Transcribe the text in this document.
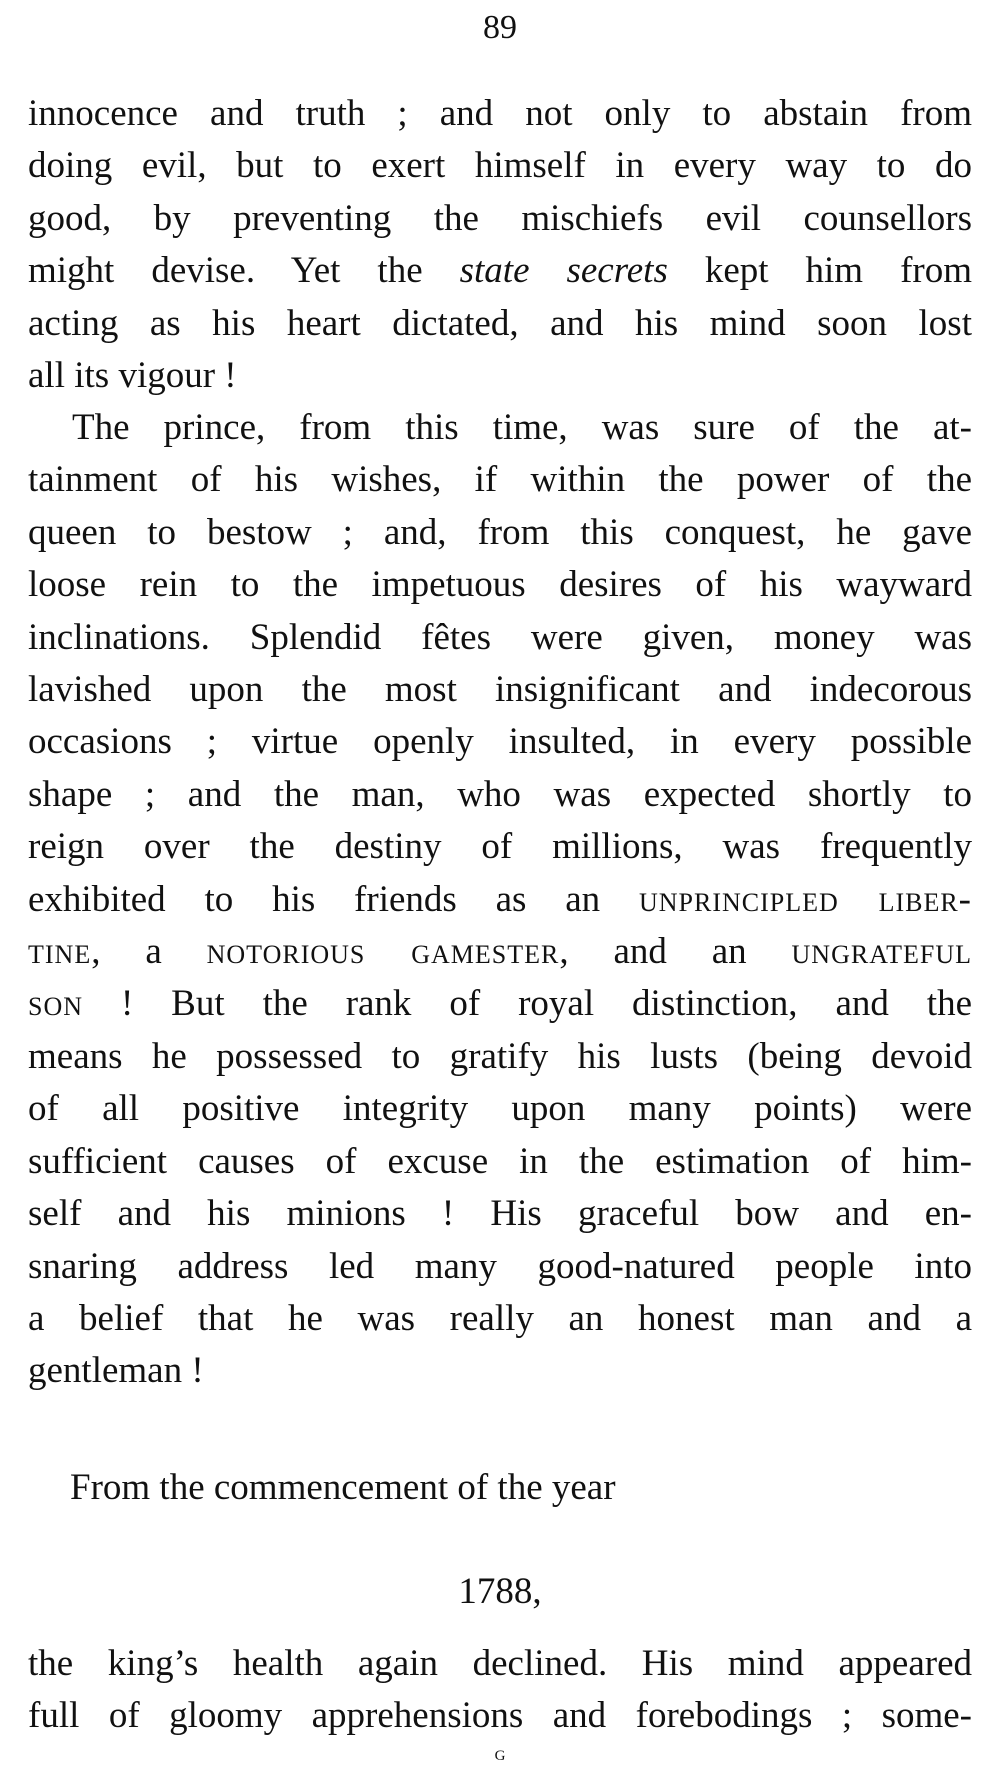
89
innocence and truth ; and not only to abstain from
doing evil, but to exert himself in every way to do
good, by preventing the mischiefs evil counsellors
might devise. Yet the state secrets kept him from
acting as his heart dictated, and his mind soon lost
all its vigour !
The prince, from this time, was sure of the at-
tainment of his wishes, if within the power of the
queen to bestow ; and, from this conquest, he gave
loose rein to the impetuous desires of his wayward
inclinations. Splendid fêtes were given, money was
lavished upon the most insignificant and indecorous
occasions ; virtue openly insulted, in every possible
shape ; and the man, who was expected shortly to
reign over the destiny of millions, was frequently
exhibited to his friends as an unprincipled liber-
tine, a notorious gamester, and an ungrateful
son ! But the rank of royal distinction, and the
means he possessed to gratify his lusts (being devoid
of all positive integrity upon many points) were
sufficient causes of excuse in the estimation of him-
self and his minions ! His graceful bow and en-
snaring address led many good-natured people into
a belief that he was really an honest man and a
gentleman !
From the commencement of the year
1788,
the king’s health again declined. His mind appeared
full of gloomy apprehensions and forebodings ; some-
G
